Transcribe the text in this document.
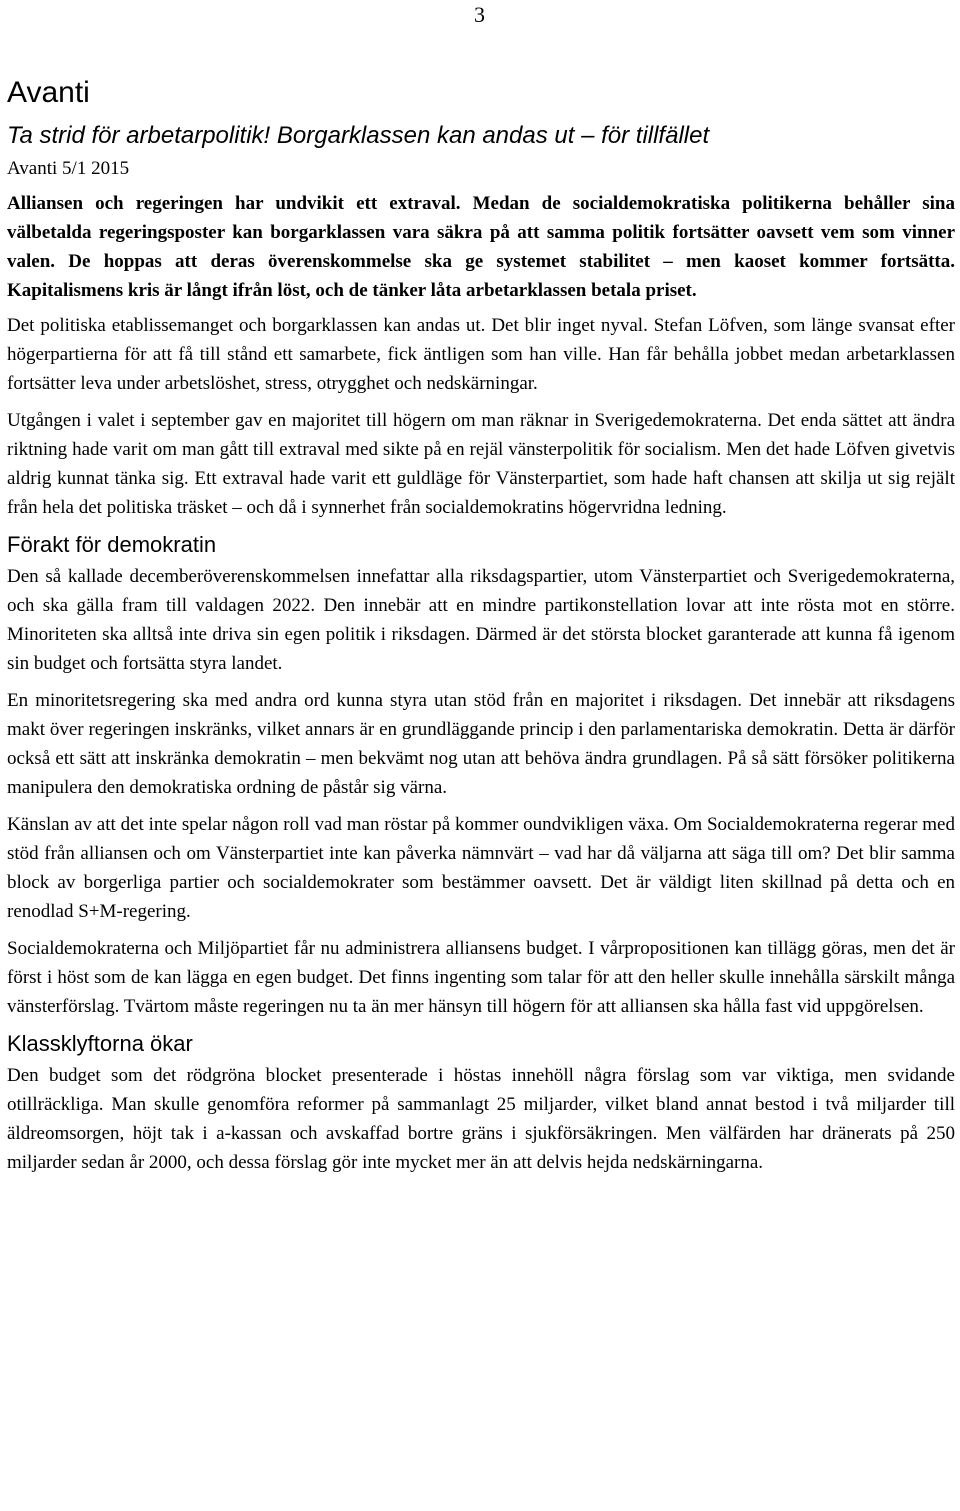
3
Avanti
Ta strid för arbetarpolitik! Borgarklassen kan andas ut – för tillfället
Avanti 5/1 2015

Alliansen och regeringen har undvikit ett extraval. Medan de socialdemokratiska politikerna behåller sina välbetalda regeringsposter kan borgarklassen vara säkra på att samma politik fortsätter oavsett vem som vinner valen. De hoppas att deras överenskommelse ska ge systemet stabilitet – men kaoset kommer fortsätta. Kapitalismens kris är långt ifrån löst, och de tänker låta arbetarklassen betala priset.

Det politiska etablissemanget och borgarklassen kan andas ut. Det blir inget nyval. Stefan Löfven, som länge svansat efter högerpartierna för att få till stånd ett samarbete, fick äntligen som han ville. Han får behålla jobbet medan arbetarklassen fortsätter leva under arbetslöshet, stress, otrygghet och nedskärningar.

Utgången i valet i september gav en majoritet till högern om man räknar in Sverigedemokraterna. Det enda sättet att ändra riktning hade varit om man gått till extraval med sikte på en rejäl vänsterpolitik för socialism. Men det hade Löfven givetvis aldrig kunnat tänka sig. Ett extraval hade varit ett guldläge för Vänsterpartiet, som hade haft chansen att skilja ut sig rejält från hela det politiska träsket – och då i synnerhet från socialdemokratins högervridna ledning.

Förakt för demokratin

Den så kallade decemberöverenskommelsen innefattar alla riksdagspartier, utom Vänsterpartiet och Sverigedemokraterna, och ska gälla fram till valdagen 2022. Den innebär att en mindre partikonstellation lovar att inte rösta mot en större. Minoriteten ska alltså inte driva sin egen politik i riksdagen. Därmed är det största blocket garanterade att kunna få igenom sin budget och fortsätta styra landet.

En minoritetsregering ska med andra ord kunna styra utan stöd från en majoritet i riksdagen. Det innebär att riksdagens makt över regeringen inskränks, vilket annars är en grundläggande princip i den parlamentariska demokratin. Detta är därför också ett sätt att inskränka demokratin – men bekvämt nog utan att behöva ändra grundlagen. På så sätt försöker politikerna manipulera den demokratiska ordning de påstår sig värna.

Känslan av att det inte spelar någon roll vad man röstar på kommer oundvikligen växa. Om Socialdemokraterna regerar med stöd från alliansen och om Vänsterpartiet inte kan påverka nämnvärt – vad har då väljarna att säga till om? Det blir samma block av borgerliga partier och socialdemokrater som bestämmer oavsett. Det är väldigt liten skillnad på detta och en renodlad S+M-regering.

Socialdemokraterna och Miljöpartiet får nu administrera alliansens budget. I vårpropositionen kan tillägg göras, men det är först i höst som de kan lägga en egen budget. Det finns ingenting som talar för att den heller skulle innehålla särskilt många vänsterförslag. Tvärtom måste regeringen nu ta än mer hänsyn till högern för att alliansen ska hålla fast vid uppgörelsen.

Klassklyftorna ökar

Den budget som det rödgröna blocket presenterade i höstas innehöll några förslag som var viktiga, men svidande otillräckliga. Man skulle genomföra reformer på sammanlagt 25 miljarder, vilket bland annat bestod i två miljarder till äldreomsorgen, höjt tak i a-kassan och avskaffad bortre gräns i sjukförsäkringen. Men välfärden har dränerats på 250 miljarder sedan år 2000, och dessa förslag gör inte mycket mer än att delvis hejda nedskärningarna.
